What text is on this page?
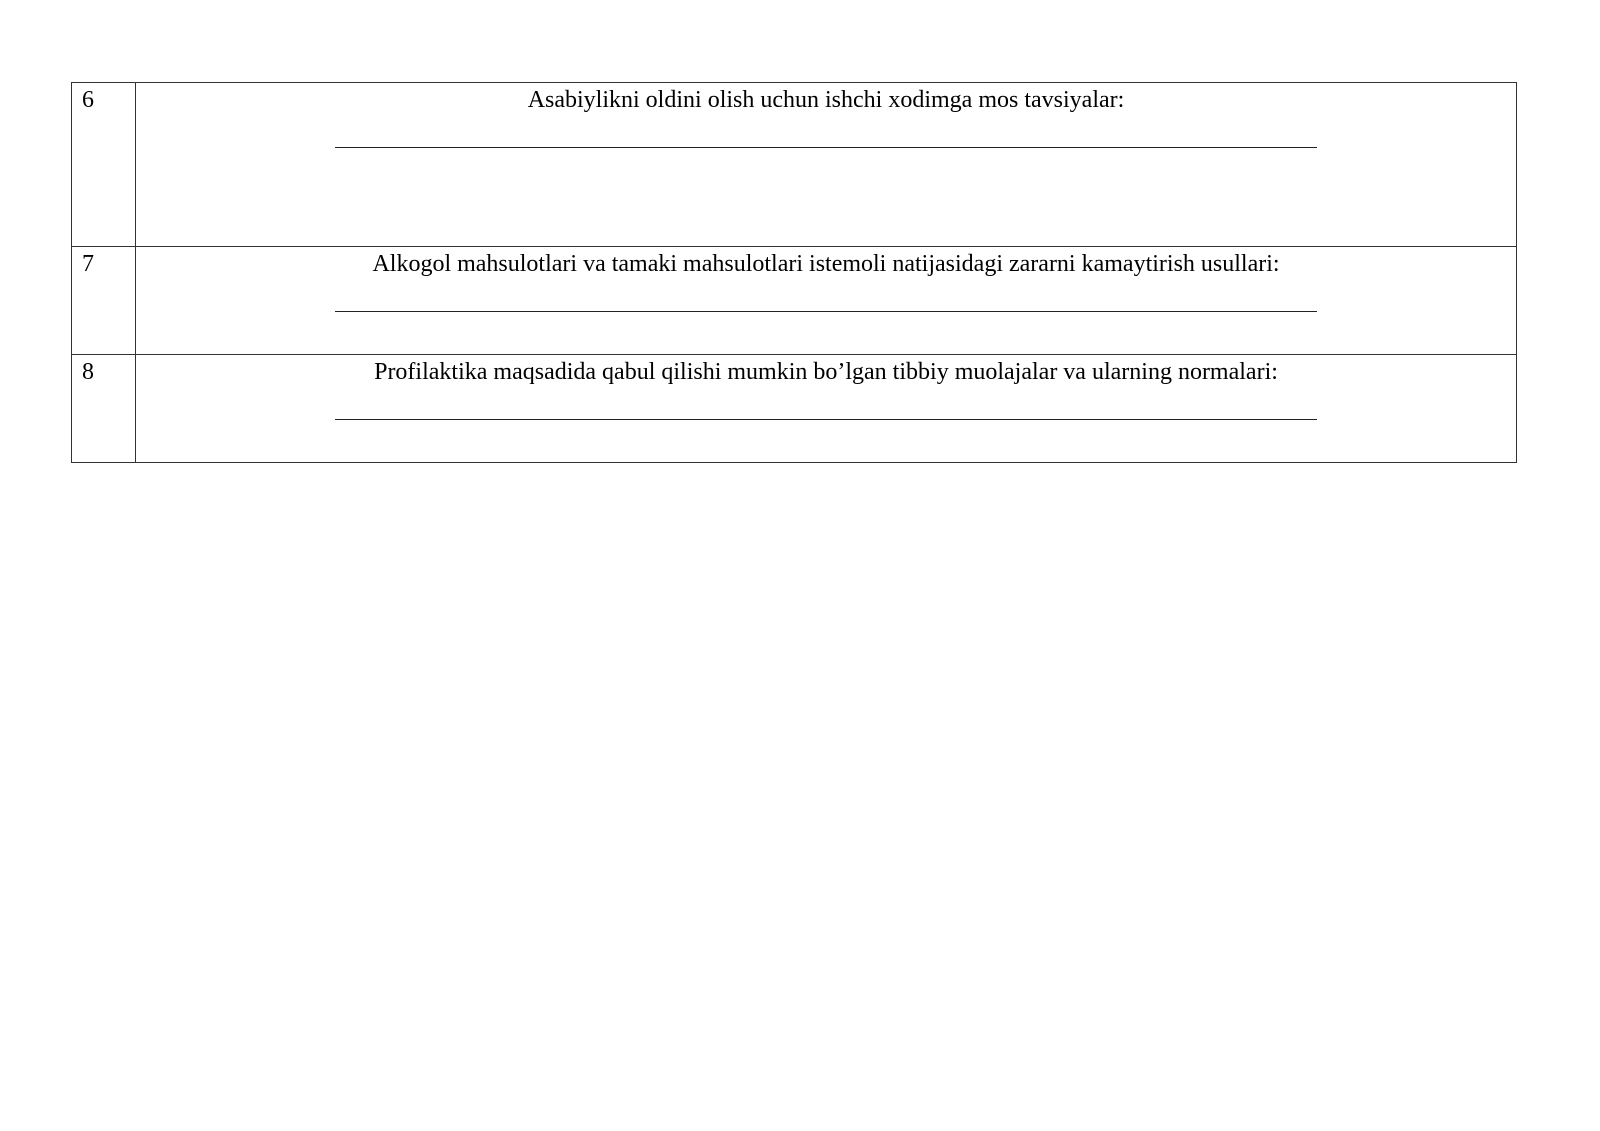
6	Asabiylikni oldini olish uchun ishchi xodimga mos tavsiyalar:

7	Alkogol mahsulotlari va tamaki mahsulotlari istemoli natijasidagi zararni kamaytirish usullari:

8	Profilaktika maqsadida qabul qilishi mumkin bo’lgan tibbiy muolajalar va ularning normalari:
